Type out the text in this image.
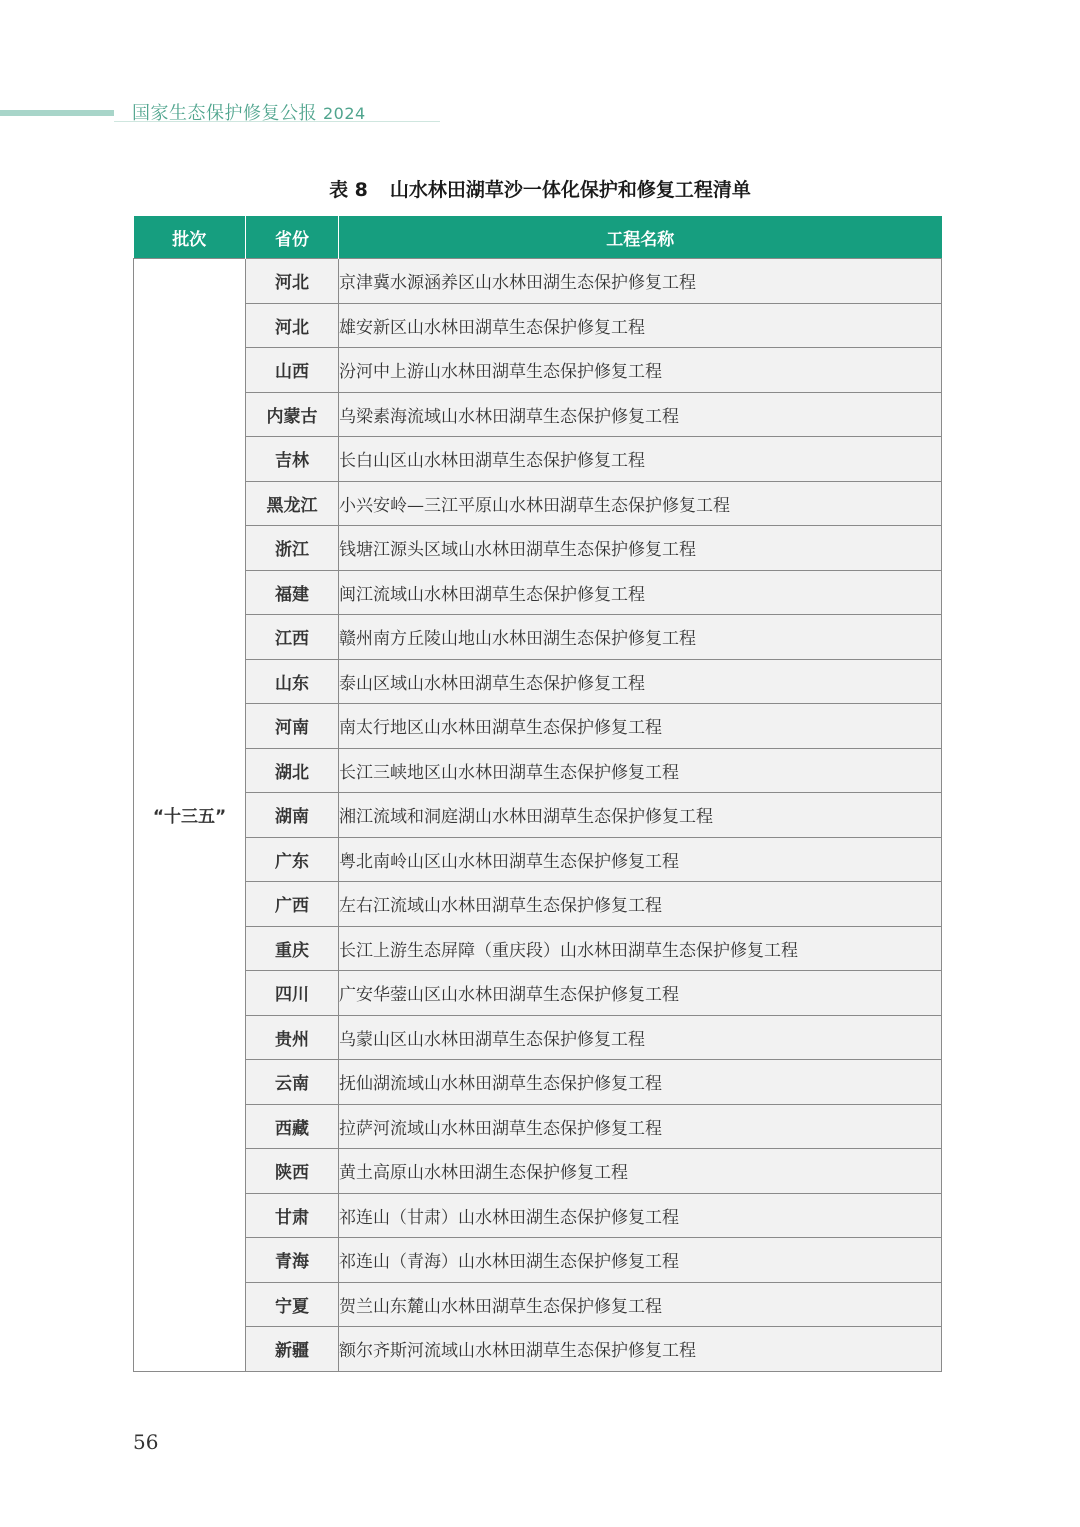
国家生态保护修复公报 2024
表 8 山水林田湖草沙一体化保护和修复工程清单
批次	省份	工程名称
“十三五”	河北	京津冀水源涵养区山水林田湖生态保护修复工程
	河北	雄安新区山水林田湖草生态保护修复工程
	山西	汾河中上游山水林田湖草生态保护修复工程
	内蒙古	乌梁素海流域山水林田湖草生态保护修复工程
	吉林	长白山区山水林田湖草生态保护修复工程
	黑龙江	小兴安岭—三江平原山水林田湖草生态保护修复工程
	浙江	钱塘江源头区域山水林田湖草生态保护修复工程
	福建	闽江流域山水林田湖草生态保护修复工程
	江西	赣州南方丘陵山地山水林田湖生态保护修复工程
	山东	泰山区域山水林田湖草生态保护修复工程
	河南	南太行地区山水林田湖草生态保护修复工程
	湖北	长江三峡地区山水林田湖草生态保护修复工程
	湖南	湘江流域和洞庭湖山水林田湖草生态保护修复工程
	广东	粤北南岭山区山水林田湖草生态保护修复工程
	广西	左右江流域山水林田湖草生态保护修复工程
	重庆	长江上游生态屏障（重庆段）山水林田湖草生态保护修复工程
	四川	广安华蓥山区山水林田湖草生态保护修复工程
	贵州	乌蒙山区山水林田湖草生态保护修复工程
	云南	抚仙湖流域山水林田湖草生态保护修复工程
	西藏	拉萨河流域山水林田湖草生态保护修复工程
	陕西	黄土高原山水林田湖生态保护修复工程
	甘肃	祁连山（甘肃）山水林田湖生态保护修复工程
	青海	祁连山（青海）山水林田湖生态保护修复工程
	宁夏	贺兰山东麓山水林田湖草生态保护修复工程
	新疆	额尔齐斯河流域山水林田湖草生态保护修复工程
56
